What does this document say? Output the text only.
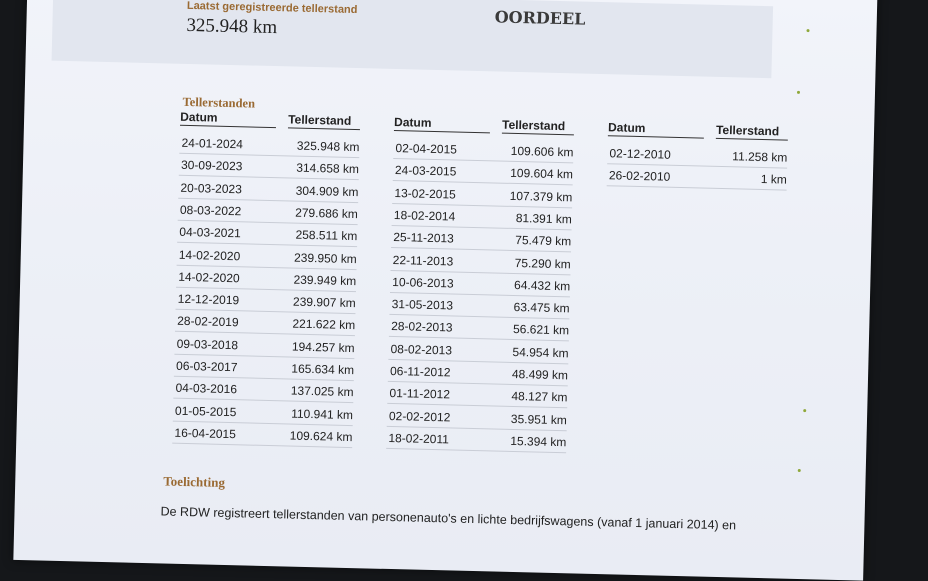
Laatst geregistreerde tellerstand
325.948 km	OORDEEL
Tellerstanden
Datum	Tellerstand
24-01-2024	325.948 km
30-09-2023	314.658 km
20-03-2023	304.909 km
08-03-2022	279.686 km
04-03-2021	258.511 km
14-02-2020	239.950 km
14-02-2020	239.949 km
12-12-2019	239.907 km
28-02-2019	221.622 km
09-03-2018	194.257 km
06-03-2017	165.634 km
04-03-2016	137.025 km
01-05-2015	110.941 km
16-04-2015	109.624 km
Datum	Tellerstand
02-04-2015	109.606 km
24-03-2015	109.604 km
13-02-2015	107.379 km
18-02-2014	81.391 km
25-11-2013	75.479 km
22-11-2013	75.290 km
10-06-2013	64.432 km
31-05-2013	63.475 km
28-02-2013	56.621 km
08-02-2013	54.954 km
06-11-2012	48.499 km
01-11-2012	48.127 km
02-02-2012	35.951 km
18-02-2011	15.394 km
Datum	Tellerstand
02-12-2010	11.258 km
26-02-2010	1 km
Toelichting
De RDW registreert tellerstanden van personenauto's en lichte bedrijfswagens (vanaf 1 januari 2014) en
